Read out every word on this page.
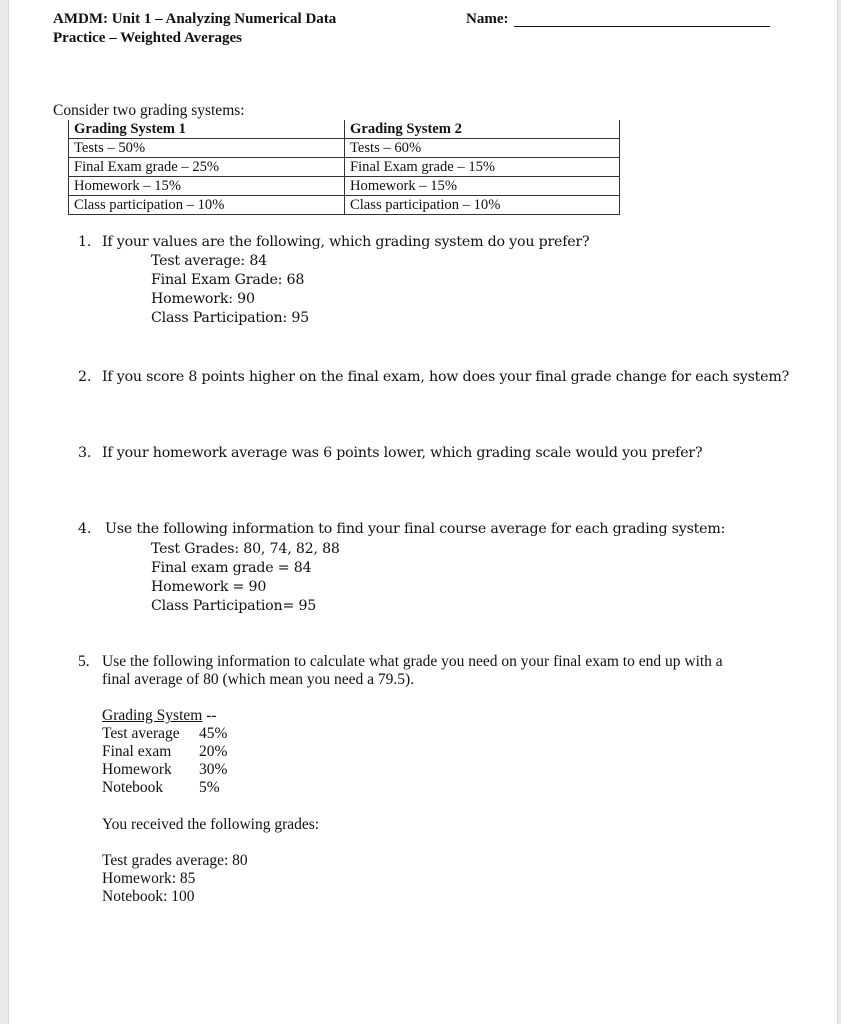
AMDM: Unit 1 – Analyzing Numerical Data
Practice – Weighted Averages
Name:
Consider two grading systems:
Grading System 1	Grading System 2
Tests – 50%	Tests – 60%
Final Exam grade – 25%	Final Exam grade – 15%
Homework – 15%	Homework – 15%
Class participation – 10%	Class participation – 10%
1. If your values are the following, which grading system do you prefer?
Test average: 84
Final Exam Grade: 68
Homework: 90
Class Participation: 95
2. If you score 8 points higher on the final exam, how does your final grade change for each system?
3. If your homework average was 6 points lower, which grading scale would you prefer?
4. Use the following information to find your final course average for each grading system:
Test Grades: 80, 74, 82, 88
Final exam grade = 84
Homework = 90
Class Participation= 95
5. Use the following information to calculate what grade you need on your final exam to end up with a
final average of 80 (which mean you need a 79.5).
Grading System --
Test average 45%
Final exam 20%
Homework 30%
Notebook 5%
You received the following grades:
Test grades average: 80
Homework: 85
Notebook: 100
